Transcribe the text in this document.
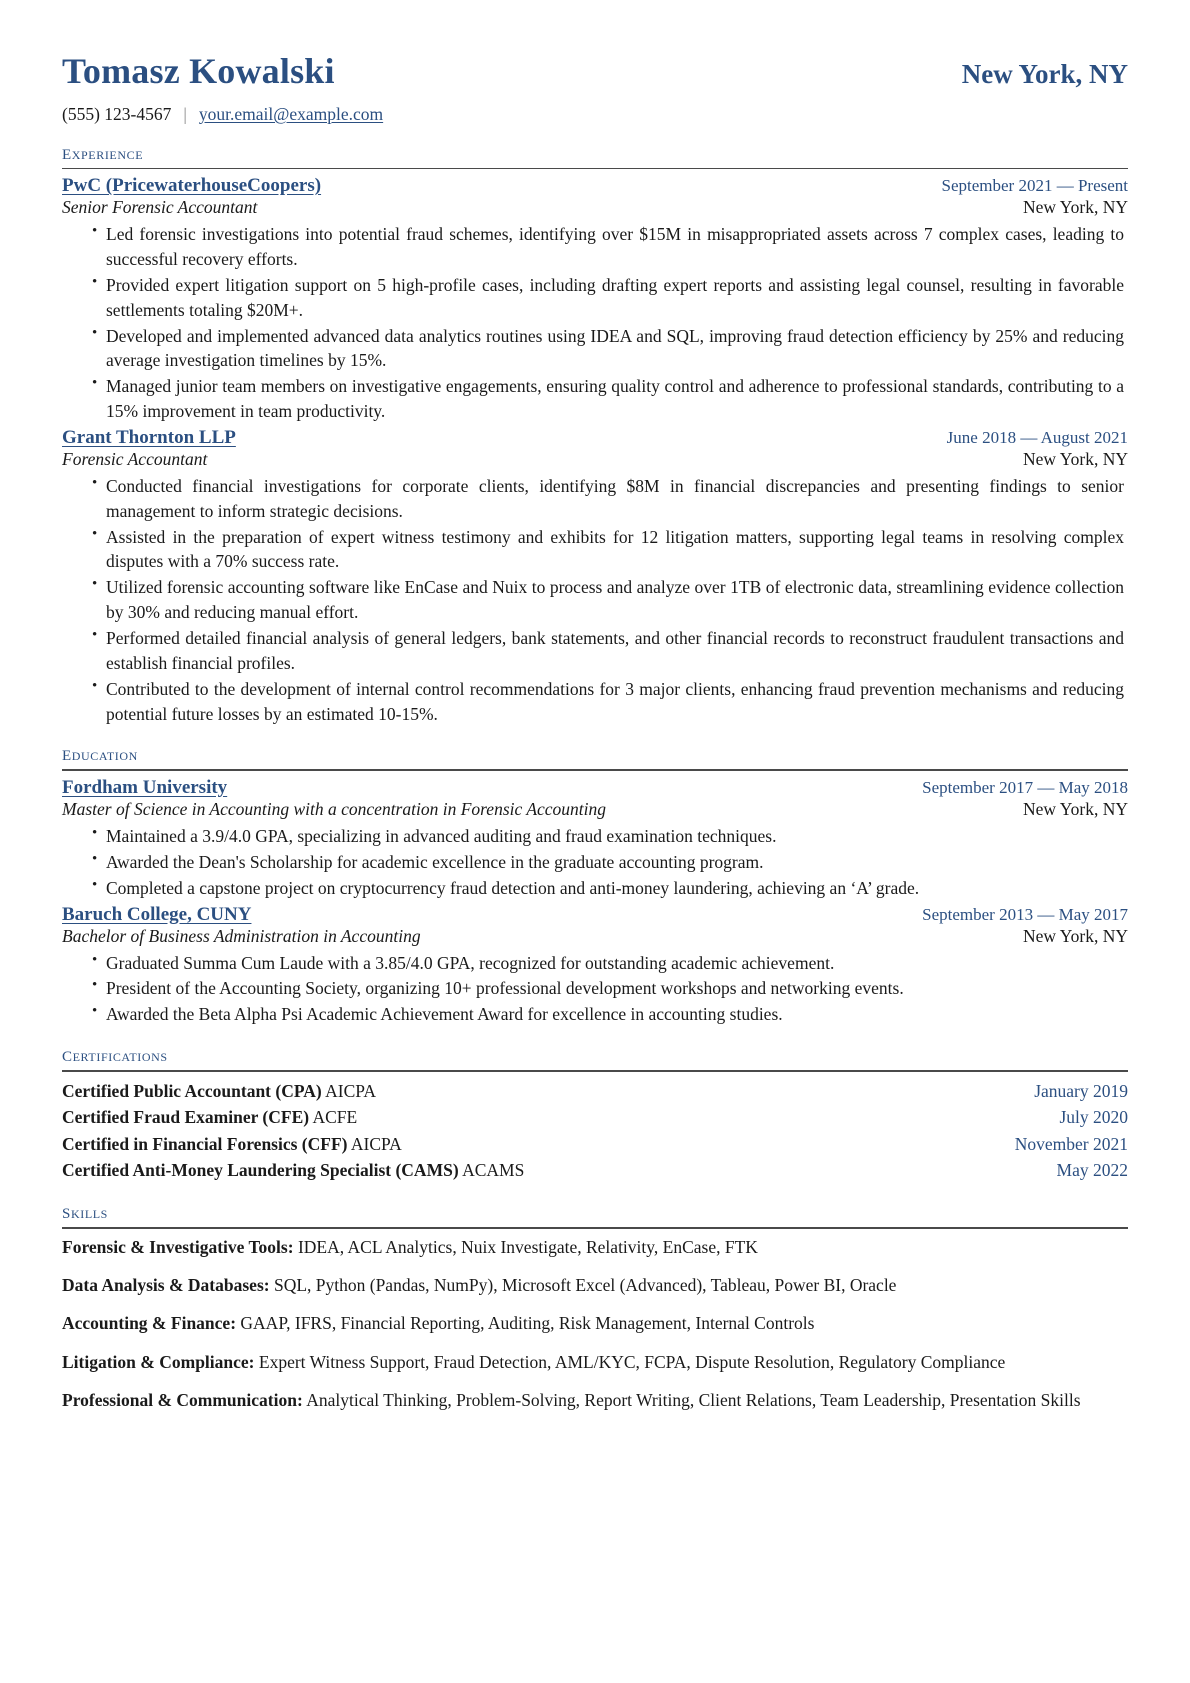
Tomasz Kowalski	New York, NY
(555) 123-4567 | your.email@example.com
experience
PwC (PricewaterhouseCoopers)	September 2021 — Present
Senior Forensic Accountant	New York, NY
• Led forensic investigations into potential fraud schemes, identifying over $15M in misappropriated assets across 7 complex cases, leading to successful recovery efforts.
• Provided expert litigation support on 5 high-profile cases, including drafting expert reports and assisting legal counsel, resulting in favorable settlements totaling $20M+.
• Developed and implemented advanced data analytics routines using IDEA and SQL, improving fraud detection efficiency by 25% and reducing average investigation timelines by 15%.
• Managed junior team members on investigative engagements, ensuring quality control and adherence to professional standards, contributing to a 15% improvement in team productivity.
Grant Thornton LLP	June 2018 — August 2021
Forensic Accountant	New York, NY
• Conducted financial investigations for corporate clients, identifying $8M in financial discrepancies and presenting findings to senior management to inform strategic decisions.
• Assisted in the preparation of expert witness testimony and exhibits for 12 litigation matters, supporting legal teams in resolving complex disputes with a 70% success rate.
• Utilized forensic accounting software like EnCase and Nuix to process and analyze over 1TB of electronic data, streamlining evidence collection by 30% and reducing manual effort.
• Performed detailed financial analysis of general ledgers, bank statements, and other financial records to reconstruct fraudulent transactions and establish financial profiles.
• Contributed to the development of internal control recommendations for 3 major clients, enhancing fraud prevention mechanisms and reducing potential future losses by an estimated 10-15%.
education
Fordham University	September 2017 — May 2018
Master of Science in Accounting with a concentration in Forensic Accounting	New York, NY
• Maintained a 3.9/4.0 GPA, specializing in advanced auditing and fraud examination techniques.
• Awarded the Dean's Scholarship for academic excellence in the graduate accounting program.
• Completed a capstone project on cryptocurrency fraud detection and anti-money laundering, achieving an ‘A’ grade.
Baruch College, CUNY	September 2013 — May 2017
Bachelor of Business Administration in Accounting	New York, NY
• Graduated Summa Cum Laude with a 3.85/4.0 GPA, recognized for outstanding academic achievement.
• President of the Accounting Society, organizing 10+ professional development workshops and networking events.
• Awarded the Beta Alpha Psi Academic Achievement Award for excellence in accounting studies.
certifications
Certified Public Accountant (CPA) AICPA	January 2019
Certified Fraud Examiner (CFE) ACFE	July 2020
Certified in Financial Forensics (CFF) AICPA	November 2021
Certified Anti-Money Laundering Specialist (CAMS) ACAMS	May 2022
skills
Forensic & Investigative Tools: IDEA, ACL Analytics, Nuix Investigate, Relativity, EnCase, FTK
Data Analysis & Databases: SQL, Python (Pandas, NumPy), Microsoft Excel (Advanced), Tableau, Power BI, Oracle
Accounting & Finance: GAAP, IFRS, Financial Reporting, Auditing, Risk Management, Internal Controls
Litigation & Compliance: Expert Witness Support, Fraud Detection, AML/KYC, FCPA, Dispute Resolution, Regulatory Compliance
Professional & Communication: Analytical Thinking, Problem-Solving, Report Writing, Client Relations, Team Leadership, Presentation Skills
